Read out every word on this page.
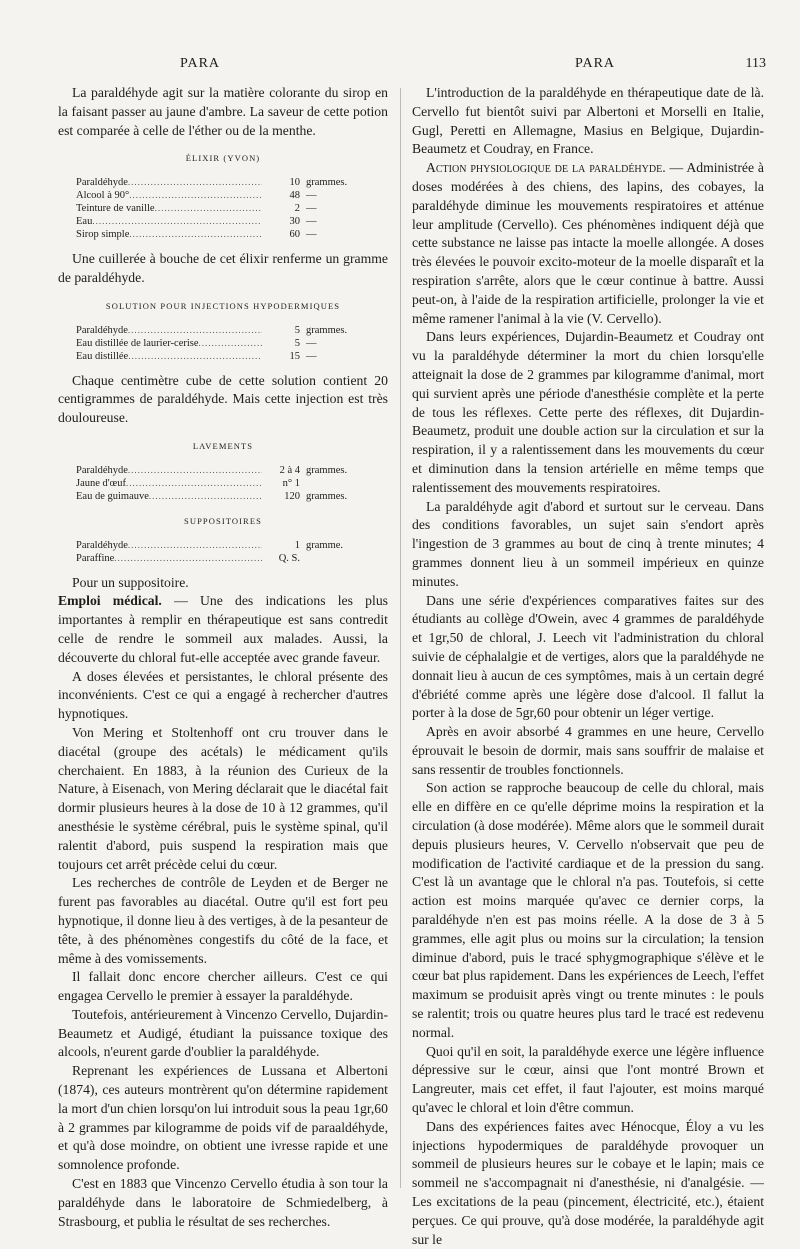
PARA	PARA	113

La paraldéhyde agit sur la matière colorante du sirop en la faisant passer au jaune d'ambre. La saveur de cette potion est comparée à celle de l'éther ou de la menthe.

ÉLIXIR (YVON)
Paraldéhyde .....	10 grammes.
Alcool à 90° .....	48 —
Teinture de vanille .....	2 —
Eau .....	30 —
Sirop simple .....	60 —

Une cuillerée à bouche de cet élixir renferme un gramme de paraldéhyde.

SOLUTION POUR INJECTIONS HYPODERMIQUES
Paraldéhyde .....	5 grammes.
Eau distillée de laurier-cerise .....	5 —
Eau distillée .....	15 —

Chaque centimètre cube de cette solution contient 20 centigrammes de paraldéhyde. Mais cette injection est très douloureuse.

LAVEMENTS
Paraldéhyde .....	2 à 4 grammes.
Jaune d'œuf .....	n° 1
Eau de guimauve .....	120 grammes.
SUPPOSITOIRES
Paraldéhyde .....	1 gramme.
Paraffine .....	Q. S.

Pour un suppositoire.

Emploi médical. — Une des indications les plus importantes à remplir en thérapeutique est sans contredit celle de rendre le sommeil aux malades. Aussi, la découverte du chloral fut-elle acceptée avec grande faveur.

A doses élevées et persistantes, le chloral présente des inconvénients. C'est ce qui a engagé à rechercher d'autres hypnotiques.

Von Mering et Stoltenhoff ont cru trouver dans le diacétal (groupe des acétals) le médicament qu'ils cherchaient. En 1883, à la réunion des Curieux de la Nature, à Eisenach, von Mering déclarait que le diacétal fait dormir plusieurs heures à la dose de 10 à 12 grammes, qu'il anesthésie le système cérébral, puis le système spinal, qu'il ralentit d'abord, puis suspend la respiration mais que toujours cet arrêt précède celui du cœur.

Les recherches de contrôle de Leyden et de Berger ne furent pas favorables au diacétal. Outre qu'il est fort peu hypnotique, il donne lieu à des vertiges, à de la pesanteur de tête, à des phénomènes congestifs du côté de la face, et même à des vomissements.

Il fallait donc encore chercher ailleurs. C'est ce qui engagea Cervello le premier à essayer la paraldéhyde.

Toutefois, antérieurement à Vincenzo Cervello, Dujardin-Beaumetz et Audigé, étudiant la puissance toxique des alcools, n'eurent garde d'oublier la paraldéhyde.

Reprenant les expériences de Lussana et Albertoni (1874), ces auteurs montrèrent qu'on détermine rapidement la mort d'un chien lorsqu'on lui introduit sous la peau 1gr,60 à 2 grammes par kilogramme de poids vif de paraaldéhyde, et qu'à dose moindre, on obtient une ivresse rapide et une somnolence profonde.

C'est en 1883 que Vincenzo Cervello étudia à son tour la paraldéhyde dans le laboratoire de Schmiedelberg, à Strasbourg, et publia le résultat de ses recherches.

L'introduction de la paraldéhyde en thérapeutique date de là. Cervello fut bientôt suivi par Albertoni et Morselli en Italie, Gugl, Peretti en Allemagne, Masius en Belgique, Dujardin-Beaumetz et Coudray, en France.

Action physiologique de la paraldéhyde. — Administrée à doses modérées à des chiens, des lapins, des cobayes, la paraldéhyde diminue les mouvements respiratoires et atténue leur amplitude (Cervello). Ces phénomènes indiquent déjà que cette substance ne laisse pas intacte la moelle allongée. A doses très élevées le pouvoir excito-moteur de la moelle disparaît et la respiration s'arrête, alors que le cœur continue à battre. Aussi peut-on, à l'aide de la respiration artificielle, prolonger la vie et même ramener l'animal à la vie (V. Cervello).

Dans leurs expériences, Dujardin-Beaumetz et Coudray ont vu la paraldéhyde déterminer la mort du chien lorsqu'elle atteignait la dose de 2 grammes par kilogramme d'animal, mort qui survient après une période d'anesthésie complète et la perte de tous les réflexes. Cette perte des réflexes, dit Dujardin-Beaumetz, produit une double action sur la circulation et sur la respiration, il y a ralentissement dans les mouvements du cœur et diminution dans la tension artérielle en même temps que ralentissement des mouvements respiratoires.

La paraldéhyde agit d'abord et surtout sur le cerveau. Dans des conditions favorables, un sujet sain s'endort après l'ingestion de 3 grammes au bout de cinq à trente minutes; 4 grammes donnent lieu à un sommeil impérieux en quinze minutes.

Dans une série d'expériences comparatives faites sur des étudiants au collège d'Owein, avec 4 grammes de paraldéhyde et 1gr,50 de chloral, J. Leech vit l'administration du chloral suivie de céphalalgie et de vertiges, alors que la paraldéhyde ne donnait lieu à aucun de ces symptômes, mais à un certain degré d'ébriété comme après une légère dose d'alcool. Il fallut la porter à la dose de 5gr,60 pour obtenir un léger vertige.

Après en avoir absorbé 4 grammes en une heure, Cervello éprouvait le besoin de dormir, mais sans souffrir de malaise et sans ressentir de troubles fonctionnels.

Son action se rapproche beaucoup de celle du chloral, mais elle en diffère en ce qu'elle déprime moins la respiration et la circulation (à dose modérée). Même alors que le sommeil durait depuis plusieurs heures, V. Cervello n'observait que peu de modification de l'activité cardiaque et de la pression du sang. C'est là un avantage que le chloral n'a pas. Toutefois, si cette action est moins marquée qu'avec ce dernier corps, la paraldéhyde n'en est pas moins réelle. A la dose de 3 à 5 grammes, elle agit plus ou moins sur la circulation; la tension diminue d'abord, puis le tracé sphygmographique s'élève et le cœur bat plus rapidement. Dans les expériences de Leech, l'effet maximum se produisit après vingt ou trente minutes : le pouls se ralentit; trois ou quatre heures plus tard le tracé est redevenu normal.

Quoi qu'il en soit, la paraldéhyde exerce une légère influence dépressive sur le cœur, ainsi que l'ont montré Brown et Langreuter, mais cet effet, il faut l'ajouter, est moins marqué qu'avec le chloral et loin d'être commun.

Dans des expériences faites avec Hénocque, Éloy a vu les injections hypodermiques de paraldéhyde provoquer un sommeil de plusieurs heures sur le cobaye et le lapin; mais ce sommeil ne s'accompagnait ni d'anesthésie, ni d'analgésie. — Les excitations de la peau (pincement, électricité, etc.), étaient perçues. Ce qui prouve, qu'à dose modérée, la paraldéhyde agit sur le
